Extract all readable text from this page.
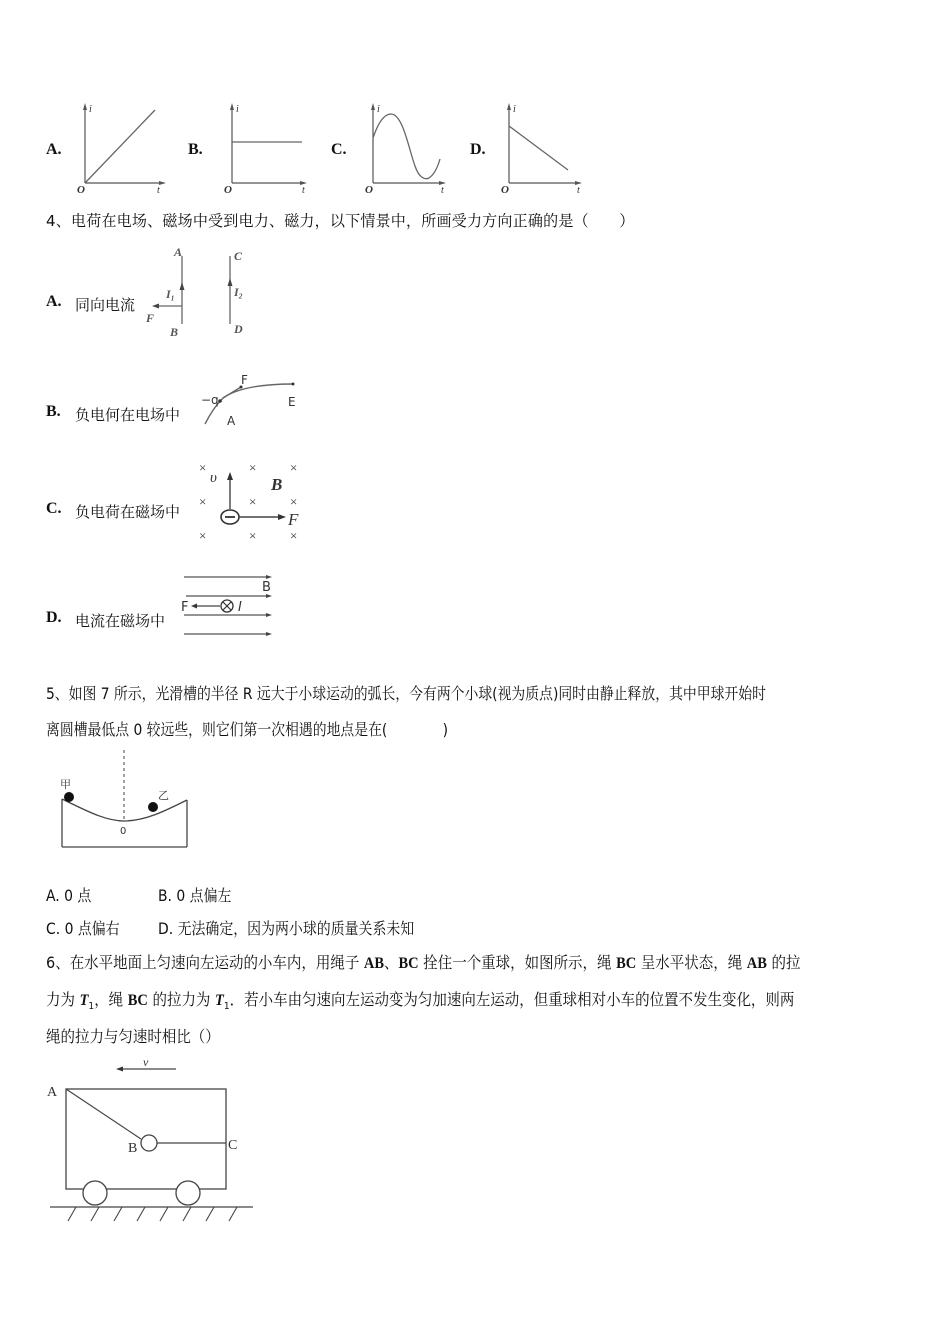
A.
i
t
O
B.
i
t
O
C.
i
t
O
D.
i
t
O
4、电荷在电场、磁场中受到电力、磁力，以下情景中，所画受力方向正确的是（　　）
A. 同向电流
A
B
I₁
F
C
D
I₂
B. 负电何在电场中
−q
F
E
A
C. 负电荷在磁场中
×	×	×
×	×	×
×	×	×
υ	B
F
D. 电流在磁场中
B
F	I
5、如图 7 所示，光滑槽的半径 R 远大于小球运动的弧长，今有两个小球(视为质点)同时由静止释放，其中甲球开始时
离圆槽最低点 0 较远些，则它们第一次相遇的地点是在(　　　　)
甲
乙
0
A. 0 点	B. 0 点偏左
C. 0 点偏右 D. 无法确定，因为两小球的质量关系未知
6、在水平地面上匀速向左运动的小车内，用绳子 AB、BC 拴住一个重球，如图所示，绳 BC 呈水平状态，绳 AB 的拉
力为 $T_1$，绳 BC 的拉力为 $T_1$．若小车由匀速向左运动变为匀加速向左运动，但重球相对小车的位置不发生变化，则两
绳的拉力与匀速时相比（）
v
A
B	C
